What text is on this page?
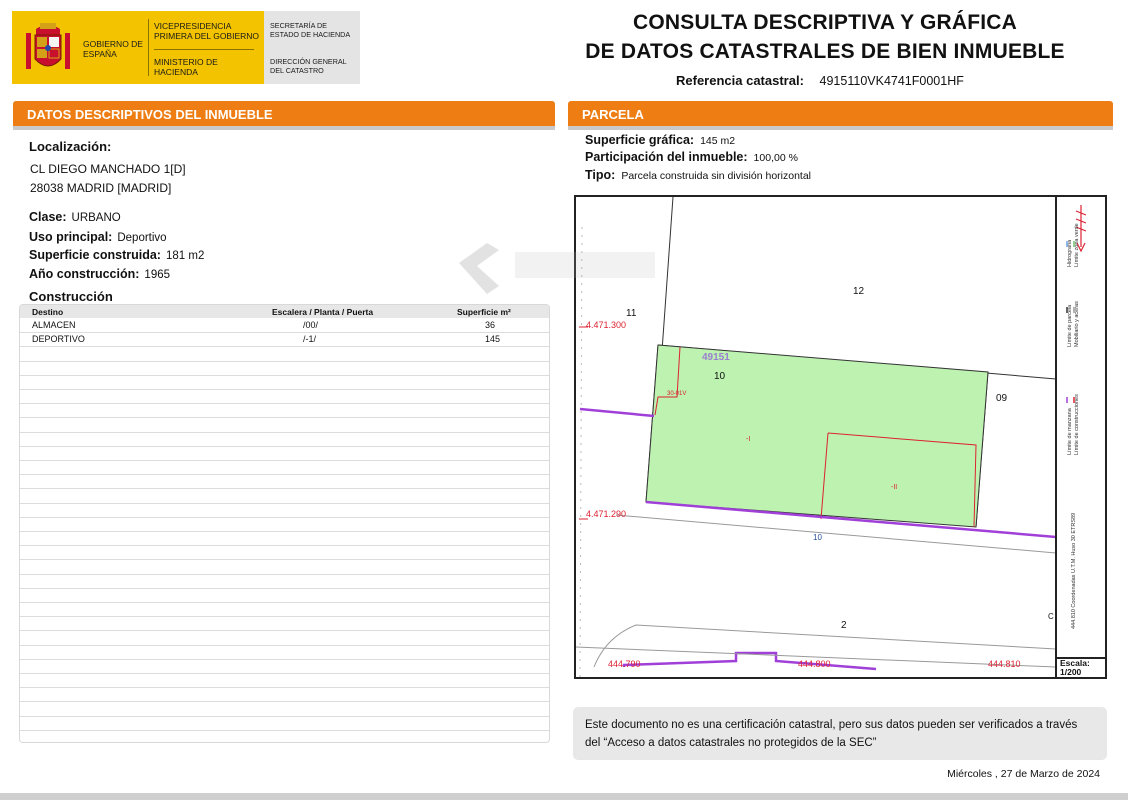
GOBIERNO DE ESPAÑA
VICEPRESIDENCIA PRIMERA DEL GOBIERNO
MINISTERIO DE HACIENDA
SECRETARÍA DE ESTADO DE HACIENDA
DIRECCIÓN GENERAL DEL CATASTRO
CONSULTA DESCRIPTIVA Y GRÁFICA
DE DATOS CATASTRALES DE BIEN INMUEBLE
Referencia catastral: 4915110VK4741F0001HF
DATOS DESCRIPTIVOS DEL INMUEBLE	PARCELA
Localización:
CL DIEGO MANCHADO 1[D]
28038 MADRID [MADRID]
Clase: URBANO
Uso principal: Deportivo
Superficie construida: 181 m2
Año construcción: 1965
Construcción
Destino	Escalera / Planta / Puerta	Superficie m²
ALMACEN	/00/	36
DEPORTIVO	/-1/	145
Superficie gráfica: 145 m2
Participación del inmueble: 100,00 %
Tipo: Parcela construida sin división horizontal
11
12
49151
10
09
30-01V
-I
-II
10
2
C
4.471.300
4.471.290
444.790	444.800	444.810
Hidrografía Límite zona verde
Límite de parcela Mobiliario y aceras
Límite de manzana Límite de construcciones
444.810 Coordenadas U.T.M. Huso 30 ETRS89
Escala:
1/200
Este documento no es una certificación catastral, pero sus datos pueden ser verificados a través del “Acceso a datos catastrales no protegidos de la SEC”
Miércoles , 27 de Marzo de 2024
